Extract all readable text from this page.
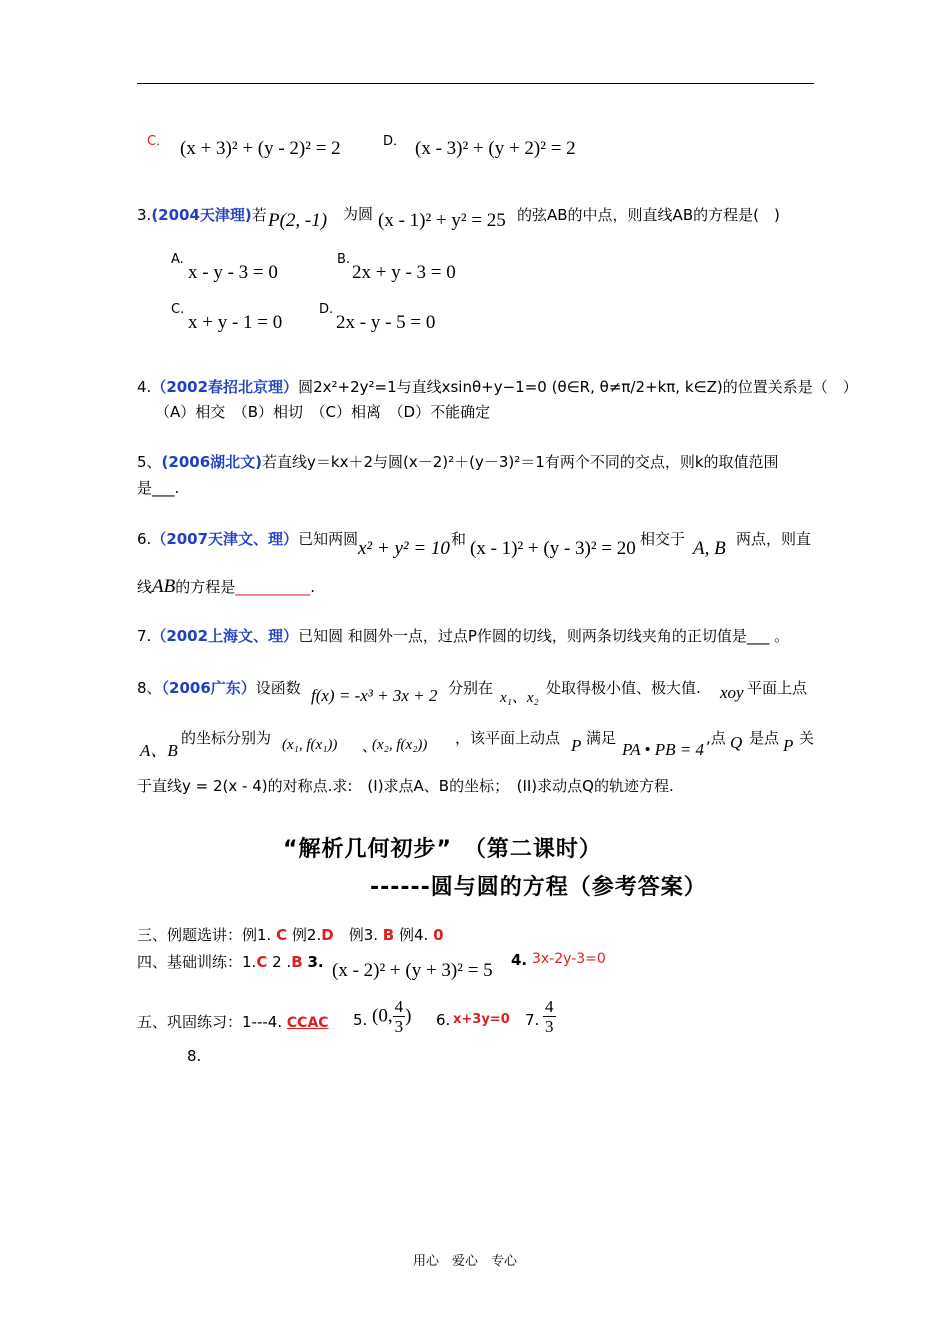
C． (x + 3)² + (y - 2)² = 2	D． (x - 3)² + (y + 2)² = 2
3.(2004天津理)若 P(2, -1) 为圆 (x - 1)² + y² = 25 的弦AB的中点，则直线AB的方程是(　)
A.
x - y - 3 = 0
B.
2x + y - 3 = 0
C.
x + y - 1 = 0
D.
2x - y - 5 = 0
4.（2002春招北京理）圆2x²+2y²=1与直线xsinθ+y−1=0 (θ∈R, θ≠π/2+kπ, k∈Z)的位置关系是（　）
（A）相交　（B）相切　（C）相离　（D）不能确定
5、(2006湖北文)若直线y＝kx＋2与圆(x－2)²＋(y－3)²＝1有两个不同的交点，则k的取值范围
是___.
6.（2007天津文、理）已知两圆 x² + y² = 10 和 (x - 1)² + (y - 3)² = 20 相交于 A, B 两点，则直
线AB的方程是__________.
7.（2002上海文、理）已知圆 和圆外一点，过点P作圆的切线，则两条切线夹角的正切值是___ 。
8、（2006广东）设函数 f(x) = -x³ + 3x + 2 分别在
x₁、x₂
处取得极小值、极大值. xoy 平面上点
A、B
的坐标分别为 (x₁, f(x₁)) 、
(x₂, f(x₂)) ，该平面上动点 P 满足
PA • PB = 4
,点 Q 是点 P 关
于直线y = 2(x - 4)的对称点.求:　(I)求点A、B的坐标；　(II)求动点Q的轨迹方程.
“解析几何初步”　（第二课时）
------圆与圆的方程（参考答案）
三、例题选讲：例1. C 例2.D　 例3. B 例4. 0
四、基础训练：1.C 2 .B 3. (x - 2)² + (y + 3)² = 5 4. 3x-2y-3=0
五、巩固练习：1---4. CCAC 5. (0, $\frac{4}{3}$ ) 6. x+3y=0 7. $\frac{4}{3}$
8.
用心　爱心　专心
